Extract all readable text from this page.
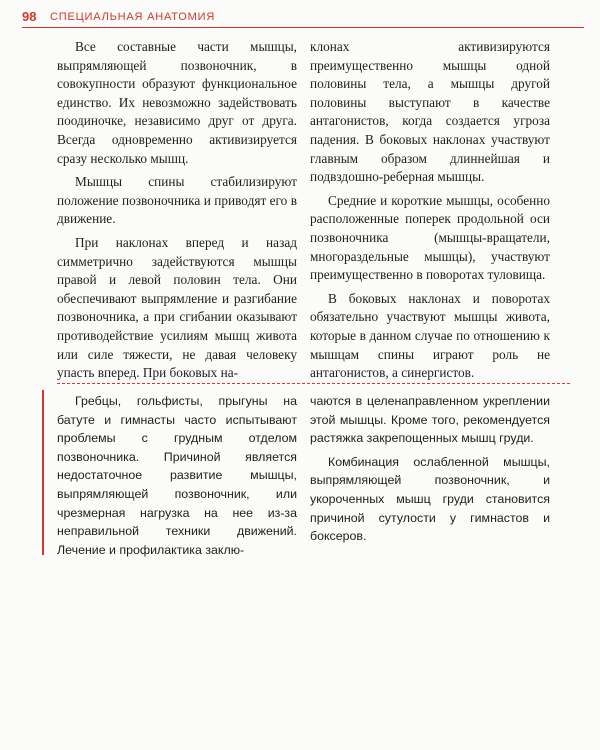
98 СПЕЦИАЛЬНАЯ АНАТОМИЯ

Все составные части мышцы, выпрямляющей позвоночник, в совокупности образуют функциональное единство. Их невозможно задействовать поодиночке, независимо друг от друга. Всегда одновременно активизируется сразу несколько мышц.

Мышцы спины стабилизируют положение позвоночника и приводят его в движение.

При наклонах вперед и назад симметрично задействуются мышцы правой и левой половин тела. Они обеспечивают выпрямление и разгибание позвоночника, а при сгибании оказывают противодействие усилиям мышц живота или силе тяжести, не давая человеку упасть вперед. При боковых на-

клонах активизируются преимущественно мышцы одной половины тела, а мышцы другой половины выступают в качестве антагонистов, когда создается угроза падения. В боковых наклонах участвуют главным образом длиннейшая и подвздошно-реберная мышцы.

Средние и короткие мышцы, особенно расположенные поперек продольной оси позвоночника (мышцы-вращатели, многораздельные мышцы), участвуют преимущественно в поворотах туловища.

В боковых наклонах и поворотах обязательно участвуют мышцы живота, которые в данном случае по отношению к мышцам спины играют роль не антагонистов, а синергистов.

Гребцы, гольфисты, прыгуны на батуте и гимнасты часто испытывают проблемы с грудным отделом позвоночника. Причиной является недостаточное развитие мышцы, выпрямляющей позвоночник, или чрезмерная нагрузка на нее из-за неправильной техники движений. Лечение и профилактика заклю-

чаются в целенаправленном укреплении этой мышцы. Кроме того, рекомендуется растяжка закрепощенных мышц груди.

Комбинация ослабленной мышцы, выпрямляющей позвоночник, и укороченных мышц груди становится причиной сутулости у гимнастов и боксеров.
